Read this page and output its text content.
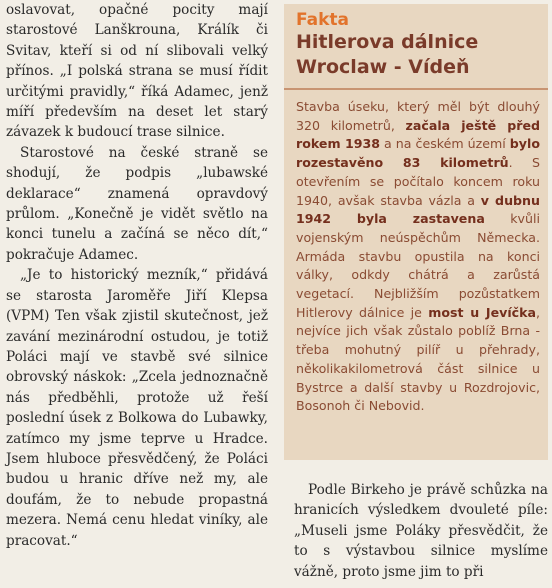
oslavovat, opačné pocity mají starostové Lanškrouna, Králík či Svitav, kteří si od ní slibovali velký přínos. „I polská strana se musí řídit určitými pravidly,“ říká Adamec, jenž míří především na deset let starý závazek k budoucí trase silnice.

Starostové na české straně se shodují, že podpis „lubawské deklarace“ znamená opravdový průlom. „Konečně je vidět světlo na konci tunelu a začíná se něco dít,“ pokračuje Adamec.

„Je to historický mezník,“ přidává se starosta Jaroměře Jiří Klepsa (VPM) Ten však zjistil skutečnost, jež zavání mezinárodní ostudou, je totiž Poláci mají ve stavbě své silnice obrovský náskok: „Zcela jednoznačně nás předběhli, protože už řeší poslední úsek z Bolkowa do Lubawky, zatímco my jsme teprve u Hradce. Jsem hluboce přesvědčený, že Poláci budou u hranic dříve než my, ale doufám, že to nebude propastná mezera. Nemá cenu hledat viníky, ale pracovat.“

Fakta
Hitlerova dálnice
Wroclaw - Vídeň
Stavba úseku, který měl být dlouhý 320 kilometrů, začala ještě před rokem 1938 a na českém území bylo rozestavěno 83 kilometrů. S otevřením se počítalo koncem roku 1940, avšak stavba vázla a v dubnu 1942 byla zastavena kvůli vojenským neúspěchům Německa. Armáda stavbu opustila na konci války, odkdy chátrá a zarůstá vegetací. Nejbližším pozůstatkem Hitlerovy dálnice je most u Jevíčka, nejvíce jich však zůstalo poblíž Brna - třeba mohutný pilíř u přehrady, několikakilometrová část silnice u Bystrce a další stavby u Rozdrojovic, Bosonoh či Nebovid.

Podle Birkeho je právě schůzka na hranicích výsledkem dvouleté píle: „Museli jsme Poláky přesvědčit, že to s výstavbou silnice myslíme vážně, proto jsme jim to při
